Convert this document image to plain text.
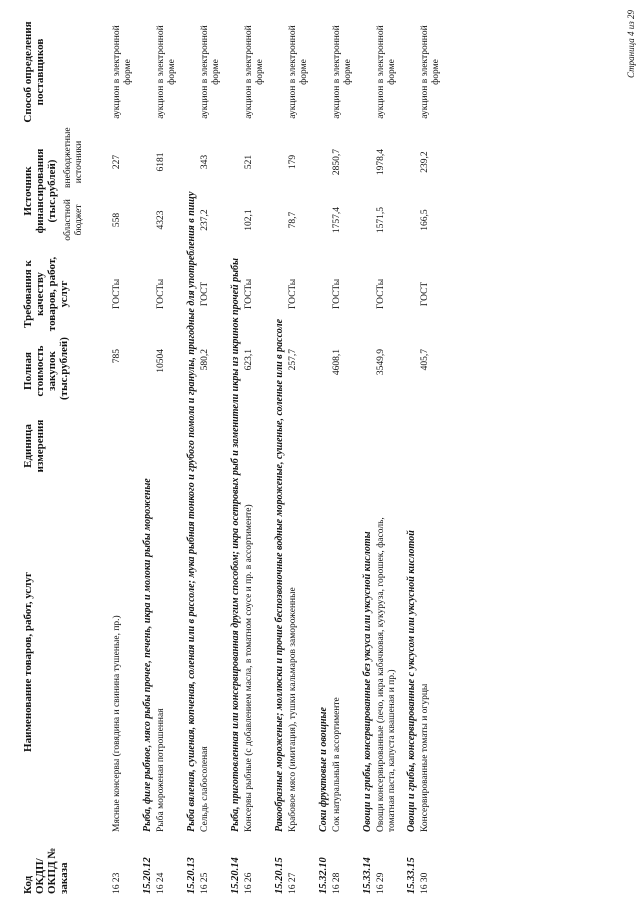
Код ОКДП/ ОКПД № заказа	Наименование товаров, работ, услуг	Единица измерения	Полная стоимость закупок (тыс.рублей)	Требования к качеству товаров, работ, услуг	Источник финансирования (тыс.рублей)		Способ определения поставщиков
					областной бюджет	внебюджетные источники	
16 23	Мясные консервы (говядина и свинина тушеные, пр.)		785	ГОСТы	558	227	аукцион в электронной форме
15.20.12	Рыба, филе рыбное, мясо рыбы прочее, печень, икра и молоки рыбы мороженые						
16 24	Рыба мороженая потрошенная		10504	ГОСТы	4323	6181	аукцион в электронной форме
15.20.13	Рыба вяленая, сушеная, копченая, соленая или в рассоле; мука рыбная тонкого и грубого помола и гранулы, пригодные для употребления в пищу						
16 25	Сельдь слабосоленая		580,2	ГОСТ	237,2	343	аукцион в электронной форме
15.20.14	Рыба, приготовленная или консервированная другим способом; икра осетровых рыб и заменители икры из икринок прочей рыбы						
16 26	Консервы рыбные (с добавлением масла, в томатном соусе и пр. в ассортименте)		623,1	ГОСТы	102,1	521	аукцион в электронной форме
15.20.15	Ракообразные мороженые; моллюски и прочие беспозвоночные водные мороженые, сушеные, соленые или в рассоле						
16 27	Крабовое мясо (имитация), тушки кальмаров замороженные		257,7	ГОСТы	78,7	179	аукцион в электронной форме
15.32.10	Соки фруктовые и овощные						
16 28	Сок натуральный в ассортименте		4608,1	ГОСТы	1757,4	2850,7	аукцион в электронной форме
15.33.14	Овощи и грибы, консервированные без уксуса или уксусной кислоты						
16 29	Овощи консервированные (лечо, икра кабачковая, кукуруза, горошек, фасоль, томатная паста, капуста квашеная и пр.)		3549,9	ГОСТы	1571,5	1978,4	аукцион в электронной форме
15.33.15	Овощи и грибы, консервированные с уксусом или уксусной кислотой						
16 30	Консервированные томаты и огурцы		405,7	ГОСТ	166,5	239,2	аукцион в электронной форме	Страница 4 из 29
